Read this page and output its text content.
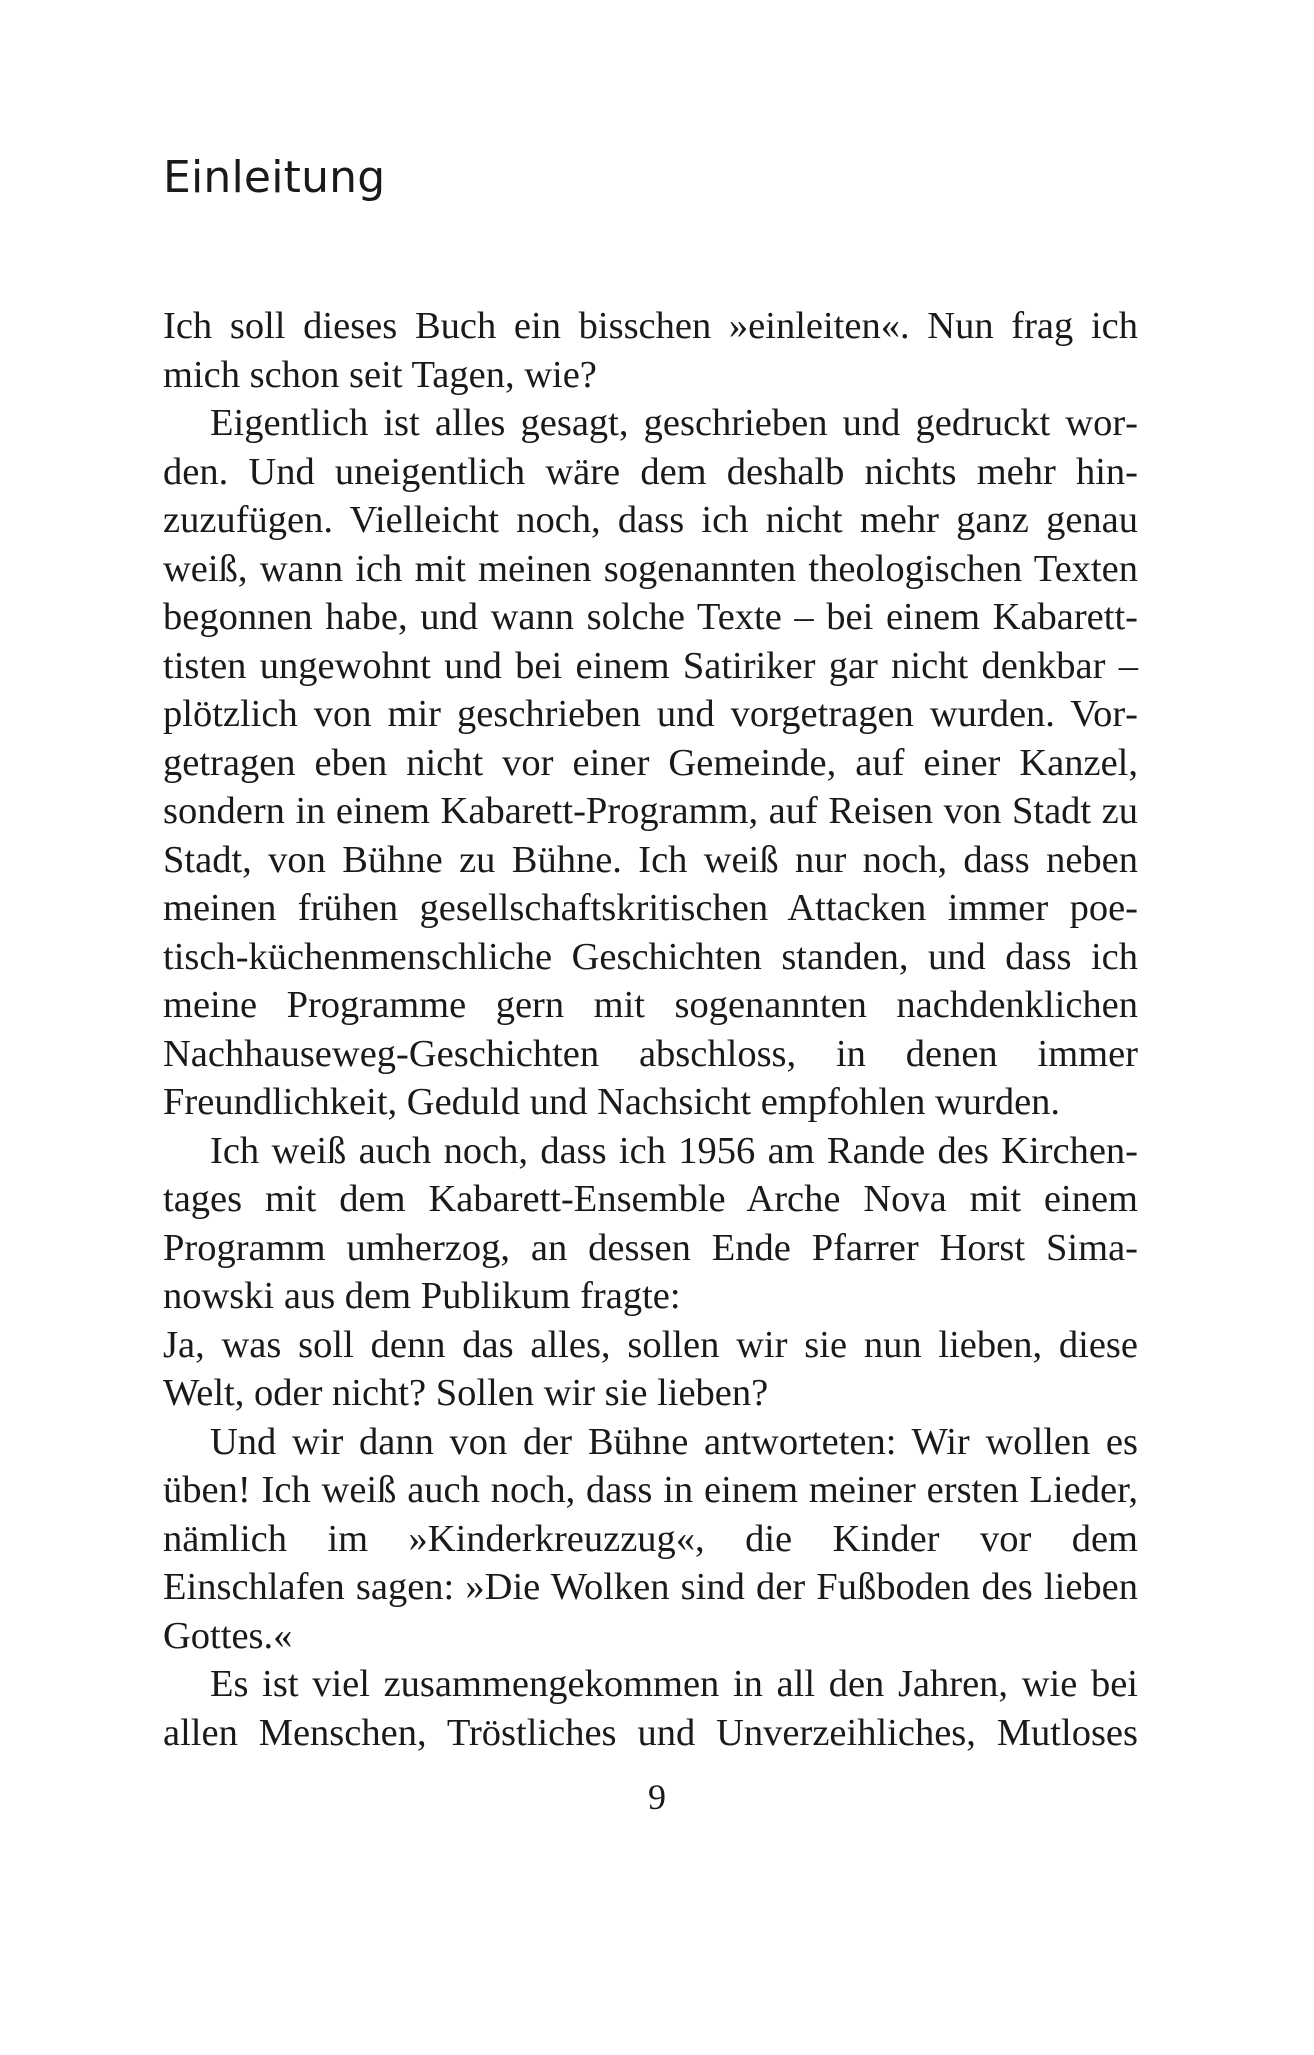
Einleitung

Ich soll dieses Buch ein bisschen »einleiten«. Nun frag ich mich schon seit Tagen, wie?

Eigentlich ist alles gesagt, geschrieben und gedruckt worden. Und uneigentlich wäre dem deshalb nichts mehr hinzuzufügen. Vielleicht noch, dass ich nicht mehr ganz genau weiß, wann ich mit meinen sogenannten theologischen Texten begonnen habe, und wann solche Texte – bei einem Kabaretttisten ungewohnt und bei einem Satiriker gar nicht denkbar – plötzlich von mir geschrieben und vorgetragen wurden. Vorgetragen eben nicht vor einer Gemeinde, auf einer Kanzel, sondern in einem Kabarett-Programm, auf Reisen von Stadt zu Stadt, von Bühne zu Bühne. Ich weiß nur noch, dass neben meinen frühen gesellschaftskritischen Attacken immer poetisch-küchenmenschliche Geschichten standen, und dass ich meine Programme gern mit sogenannten nachdenklichen Nachhauseweg-Geschichten abschloss, in denen immer Freundlichkeit, Geduld und Nachsicht empfohlen wurden.

Ich weiß auch noch, dass ich 1956 am Rande des Kirchentages mit dem Kabarett-Ensemble Arche Nova mit einem Programm umherzog, an dessen Ende Pfarrer Horst Simanowski aus dem Publikum fragte:

Ja, was soll denn das alles, sollen wir sie nun lieben, diese Welt, oder nicht? Sollen wir sie lieben?

Und wir dann von der Bühne antworteten: Wir wollen es üben! Ich weiß auch noch, dass in einem meiner ersten Lieder, nämlich im »Kinderkreuzzug«, die Kinder vor dem Einschlafen sagen: »Die Wolken sind der Fußboden des lieben Gottes.«

Es ist viel zusammengekommen in all den Jahren, wie bei allen Menschen, Tröstliches und Unverzeihliches, Mutloses

9
